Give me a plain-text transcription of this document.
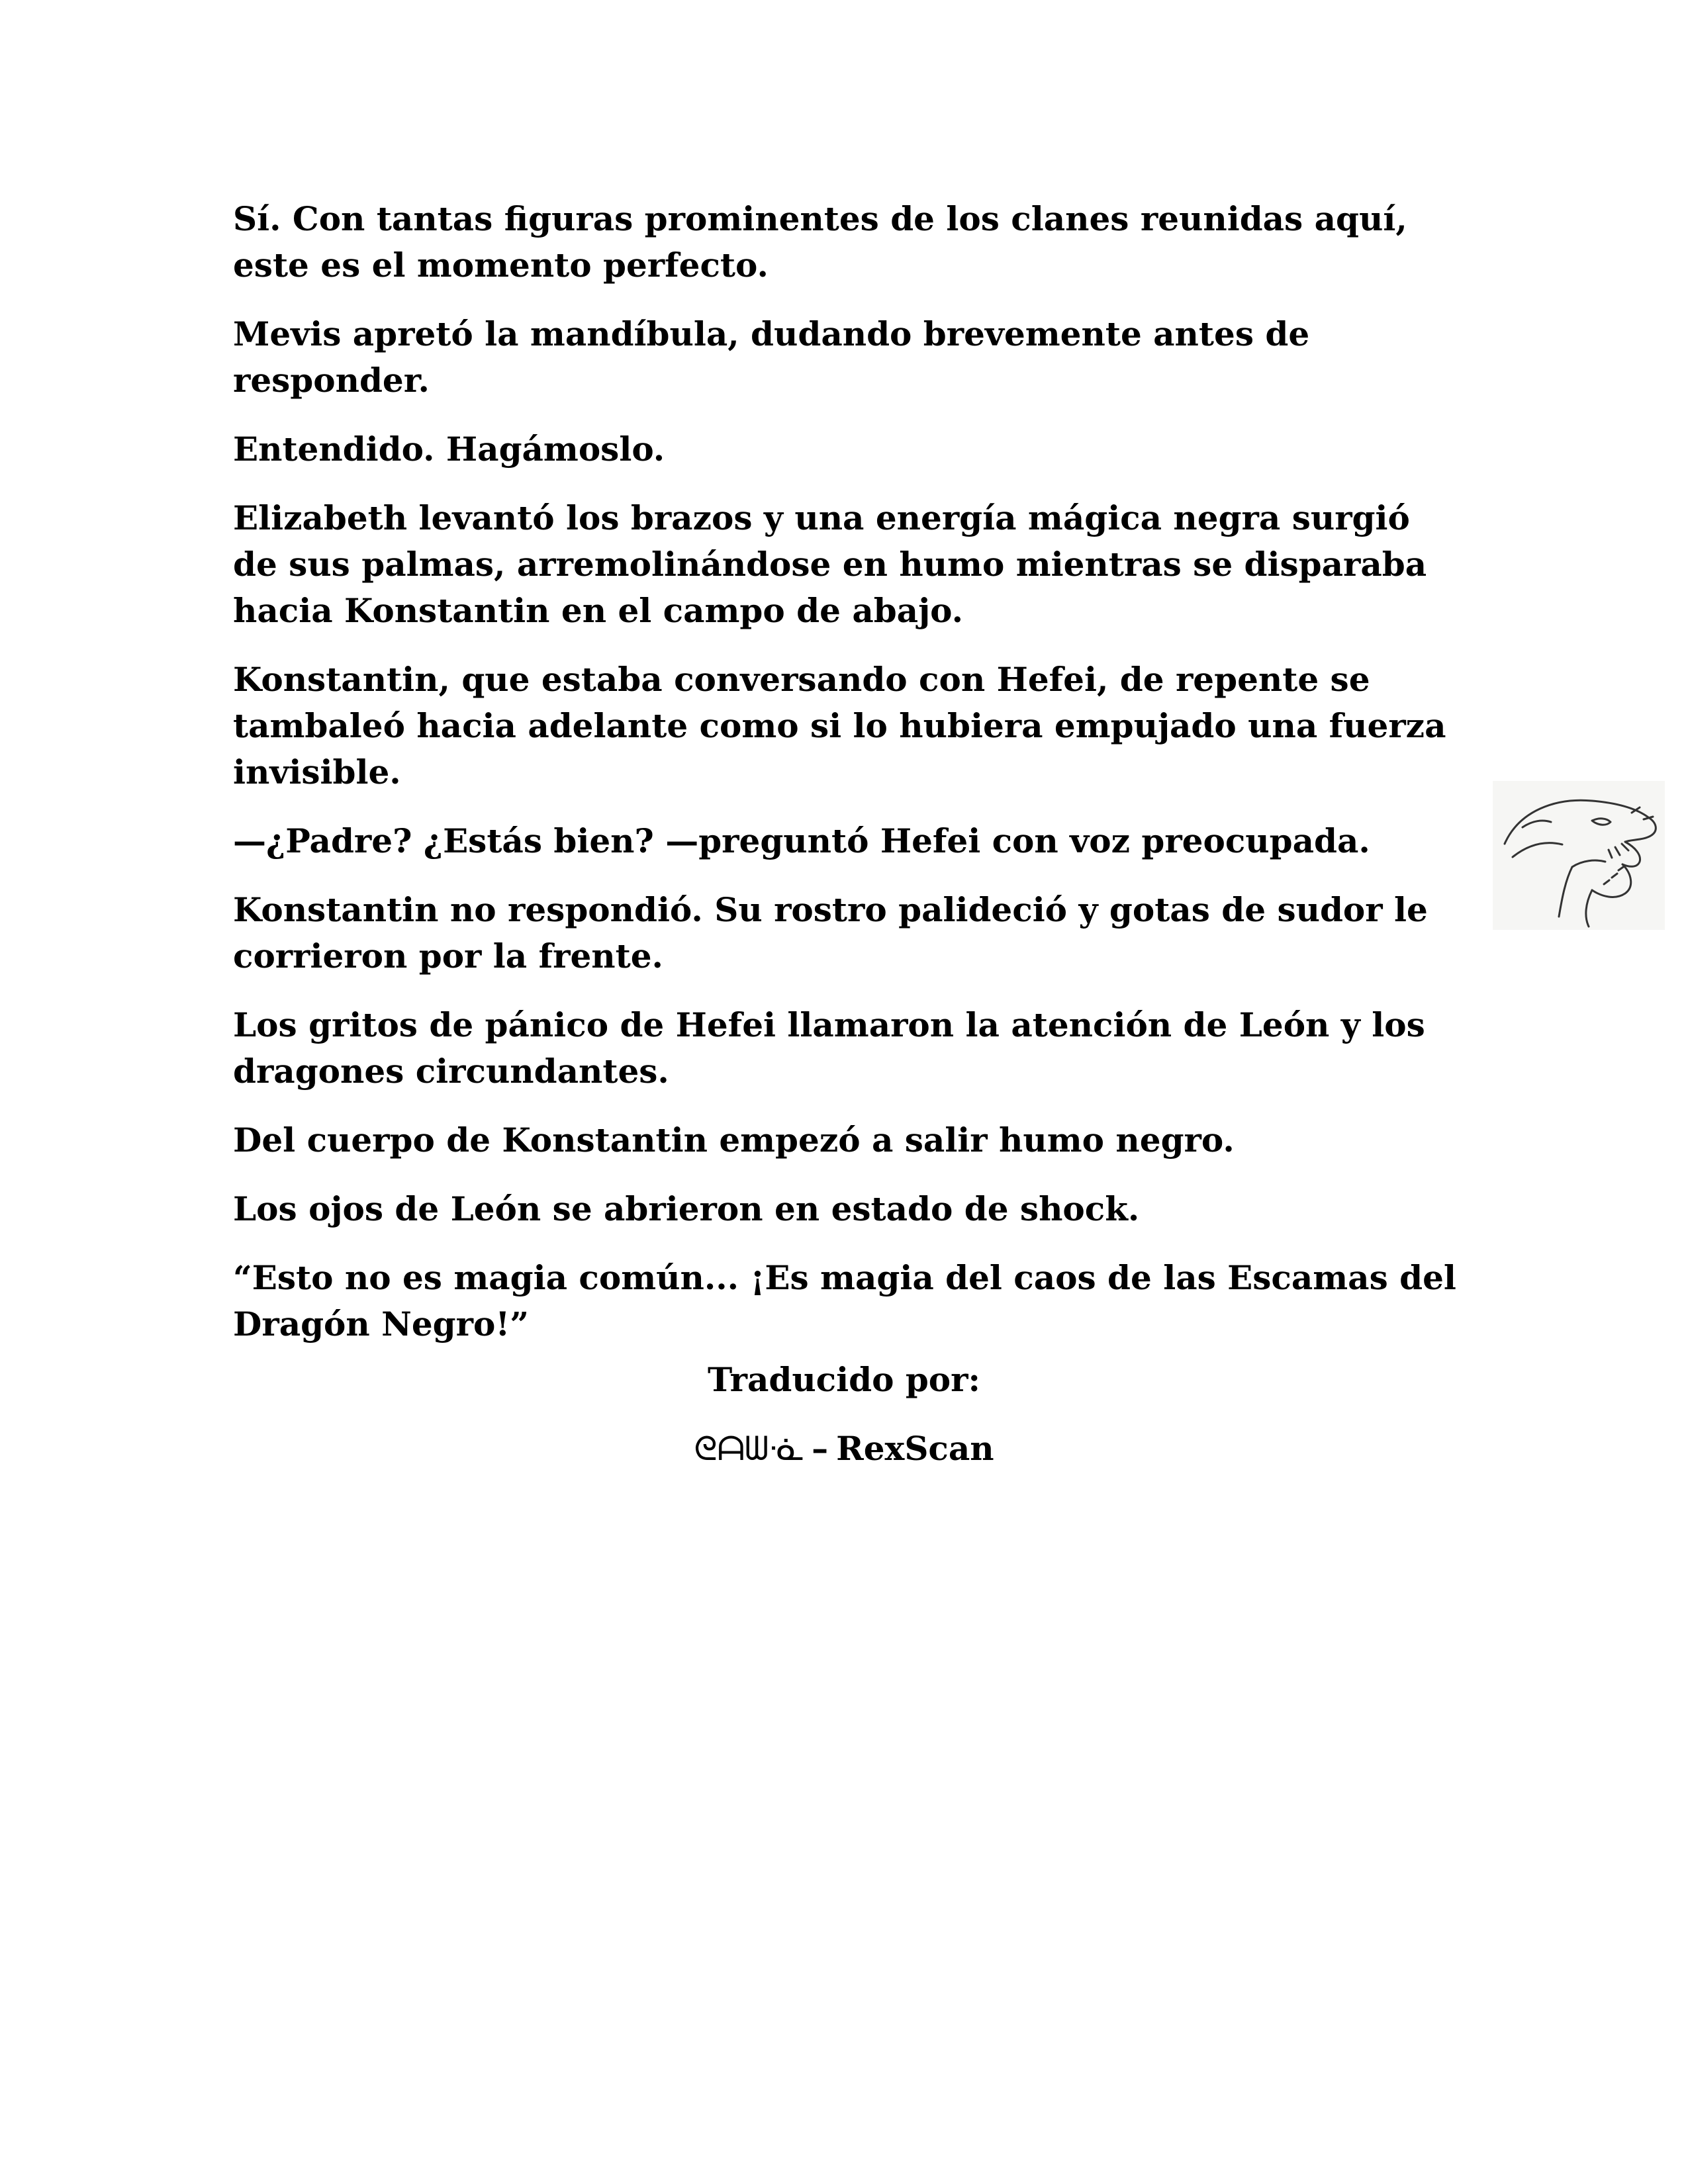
Sí. Con tantas figuras prominentes de los clanes reunidas aquí, este es el momento perfecto.

Mevis apretó la mandíbula, dudando brevemente antes de responder.

Entendido. Hagámoslo.

Elizabeth levantó los brazos y una energía mágica negra surgió de sus palmas, arremolinándose en humo mientras se disparaba hacia Konstantin en el campo de abajo.

Konstantin, que estaba conversando con Hefei, de repente se tambaleó hacia adelante como si lo hubiera empujado una fuerza invisible.

—¿Padre? ¿Estás bien? —preguntó Hefei con voz preocupada.

Konstantin no respondió. Su rostro palideció y gotas de sudor le corrieron por la frente.

Los gritos de pánico de Hefei llamaron la atención de León y los dragones circundantes.

Del cuerpo de Konstantin empezó a salir humo negro.

Los ojos de León se abrieron en estado de shock.

“Esto no es magia común... ¡Es magia del caos de las Escamas del Dragón Negro!”

Traducido por:

ᘓᗩᗯᓍ – RexScan
